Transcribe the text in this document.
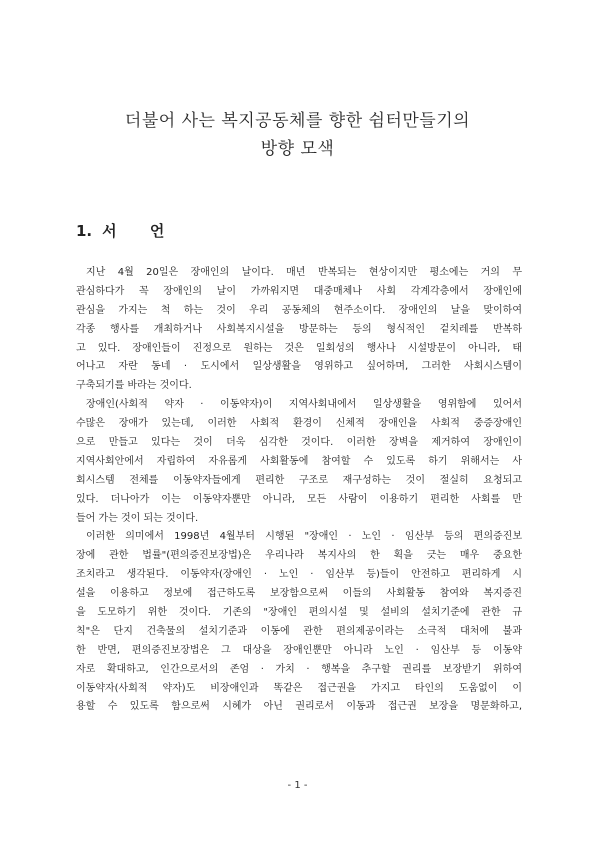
더불어 사는 복지공동체를 향한 쉼터만들기의
방향 모색
1. 서 언
지난 4월 20일은 장애인의 날이다. 매년 반복되는 현상이지만 평소에는 거의 무
관심하다가 꼭 장애인의 날이 가까워지면 대중매체나 사회 각계각층에서 장애인에
관심을 가지는 척 하는 것이 우리 공동체의 현주소이다. 장애인의 날을 맞이하여
각종 행사를 개최하거나 사회복지시설을 방문하는 등의 형식적인 겉치레를 반복하
고 있다. 장애인들이 진정으로 원하는 것은 일회성의 행사나 시설방문이 아니라, 태
어나고 자란 동네 · 도시에서 일상생활을 영위하고 싶어하며, 그러한 사회시스템이
구축되기를 바라는 것이다.
장애인(사회적 약자 · 이동약자)이 지역사회내에서 일상생활을 영위함에 있어서
수많은 장애가 있는데, 이러한 사회적 환경이 신체적 장애인을 사회적 중증장애인
으로 만들고 있다는 것이 더욱 심각한 것이다. 이러한 장벽을 제거하여 장애인이
지역사회안에서 자립하여 자유롭게 사회활동에 참여할 수 있도록 하기 위해서는 사
회시스템 전체를 이동약자들에게 편리한 구조로 재구성하는 것이 절실히 요청되고
있다. 더나아가 이는 이동약자뿐만 아니라, 모든 사람이 이용하기 편리한 사회를 만
들어 가는 것이 되는 것이다.
이러한 의미에서 1998년 4월부터 시행된 "장애인 · 노인 · 임산부 등의 편의증진보
장에 관한 법률"(편의증진보장법)은 우리나라 복지사의 한 획을 긋는 매우 중요한
조치라고 생각된다. 이동약자(장애인 · 노인 · 임산부 등)들이 안전하고 편리하게 시
설을 이용하고 정보에 접근하도록 보장함으로써 이들의 사회활동 참여와 복지증진
을 도모하기 위한 것이다. 기존의 "장애인 편의시설 및 설비의 설치기준에 관한 규
칙"은 단지 건축물의 설치기준과 이동에 관한 편의제공이라는 소극적 대처에 불과
한 반면, 편의증진보장법은 그 대상을 장애인뿐만 아니라 노인 · 임산부 등 이동약
자로 확대하고, 인간으로서의 존엄 · 가치 · 행복을 추구할 권리를 보장받기 위하여
이동약자(사회적 약자)도 비장애인과 똑같은 접근권을 가지고 타인의 도움없이 이
용할 수 있도록 함으로써 시혜가 아닌 권리로서 이동과 접근권 보장을 명문화하고,
- 1 -
